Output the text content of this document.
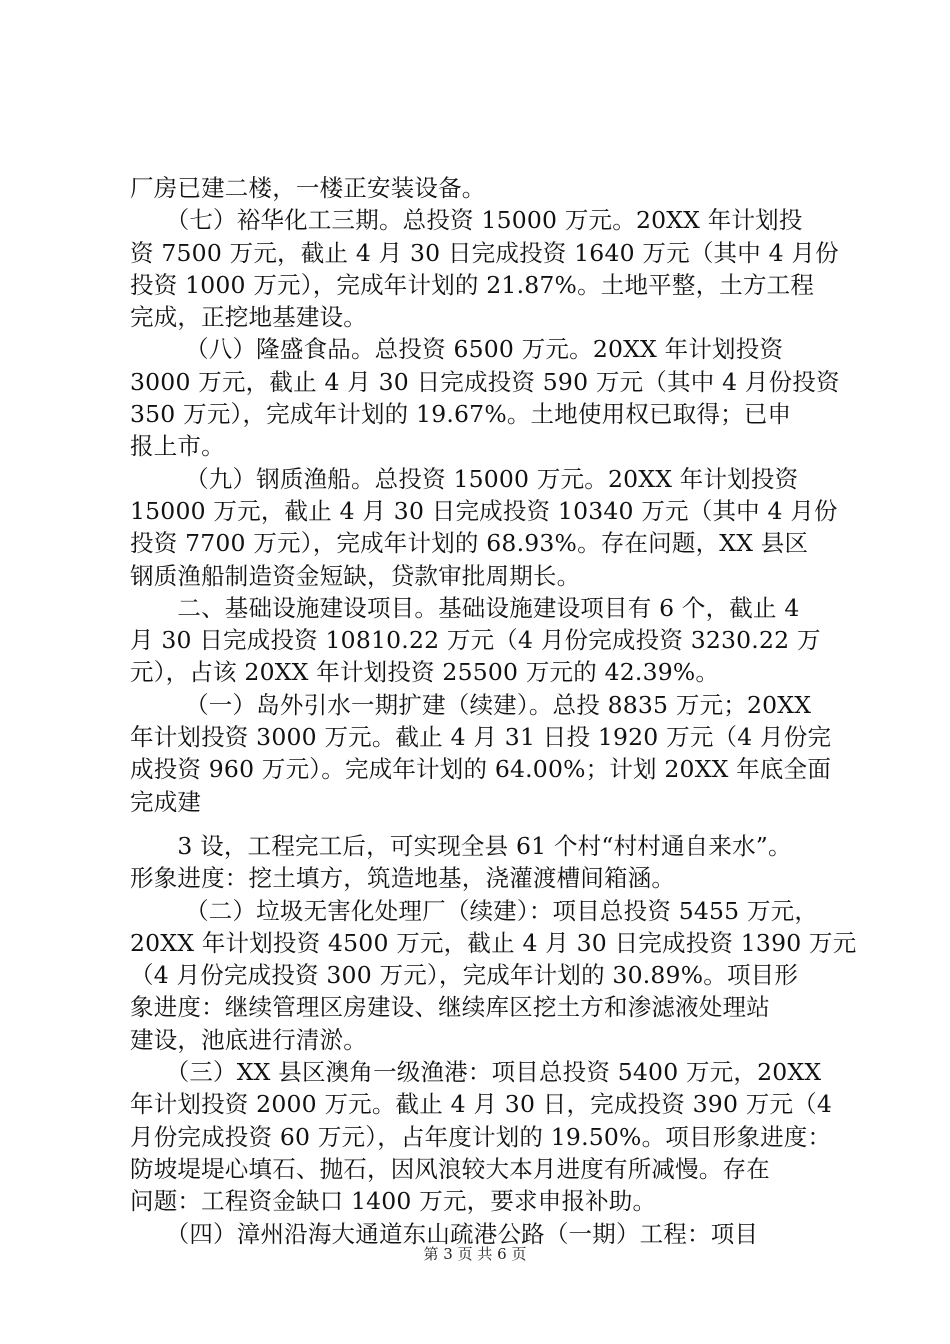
厂房已建二楼，一楼正安装设备。
　　（七）裕华化工三期。总投资 15000 万元。20XX 年计划投
资 7500 万元，截止 4 月 30 日完成投资 1640 万元（其中 4 月份
投资 1000 万元），完成年计划的 21.87%。土地平整，土方工程
完成，正挖地基建设。
　　 （八）隆盛食品。总投资 6500 万元。20XX 年计划投资
3000 万元，截止 4 月 30 日完成投资 590 万元（其中 4 月份投资
350 万元），完成年计划的 19.67%。土地使用权已取得；已申
报上市。
　　 （九）钢质渔船。总投资 15000 万元。20XX 年计划投资
15000 万元，截止 4 月 30 日完成投资 10340 万元（其中 4 月份
投资 7700 万元），完成年计划的 68.93%。存在问题，XX 县区
钢质渔船制造资金短缺，贷款审批周期长。
　　二、基础设施建设项目。基础设施建设项目有 6 个，截止 4
月 30 日完成投资 10810.22 万元（4 月份完成投资 3230.22 万
元），占该 20XX 年计划投资 25500 万元的 42.39%。
　　 （一）岛外引水一期扩建（续建）。总投 8835 万元；20XX
年计划投资 3000 万元。截止 4 月 31 日投 1920 万元（4 月份完
成投资 960 万元）。完成年计划的 64.00%；计划 20XX 年底全面
完成建
　　3 设，工程完工后，可实现全县 61 个村“村村通自来水”。
形象进度：挖土填方，筑造地基，浇灌渡槽间箱涵。
　　 （二）垃圾无害化处理厂（续建）：项目总投资 5455 万元，
20XX 年计划投资 4500 万元，截止 4 月 30 日完成投资 1390 万元
（4 月份完成投资 300 万元），完成年计划的 30.89%。项目形
象进度：继续管理区房建设、继续库区挖土方和渗滤液处理站
建设，池底进行清淤。
　　（三）XX 县区澳角一级渔港：项目总投资 5400 万元，20XX
年计划投资 2000 万元。截止 4 月 30 日，完成投资 390 万元（4
月份完成投资 60 万元），占年度计划的 19.50%。项目形象进度：
防坡堤堤心填石、抛石，因风浪较大本月进度有所减慢。存在
问题：工程资金缺口 1400 万元，要求申报补助。
　　（四）漳州沿海大通道东山疏港公路（一期）工程：项目
第 3 页 共 6 页
